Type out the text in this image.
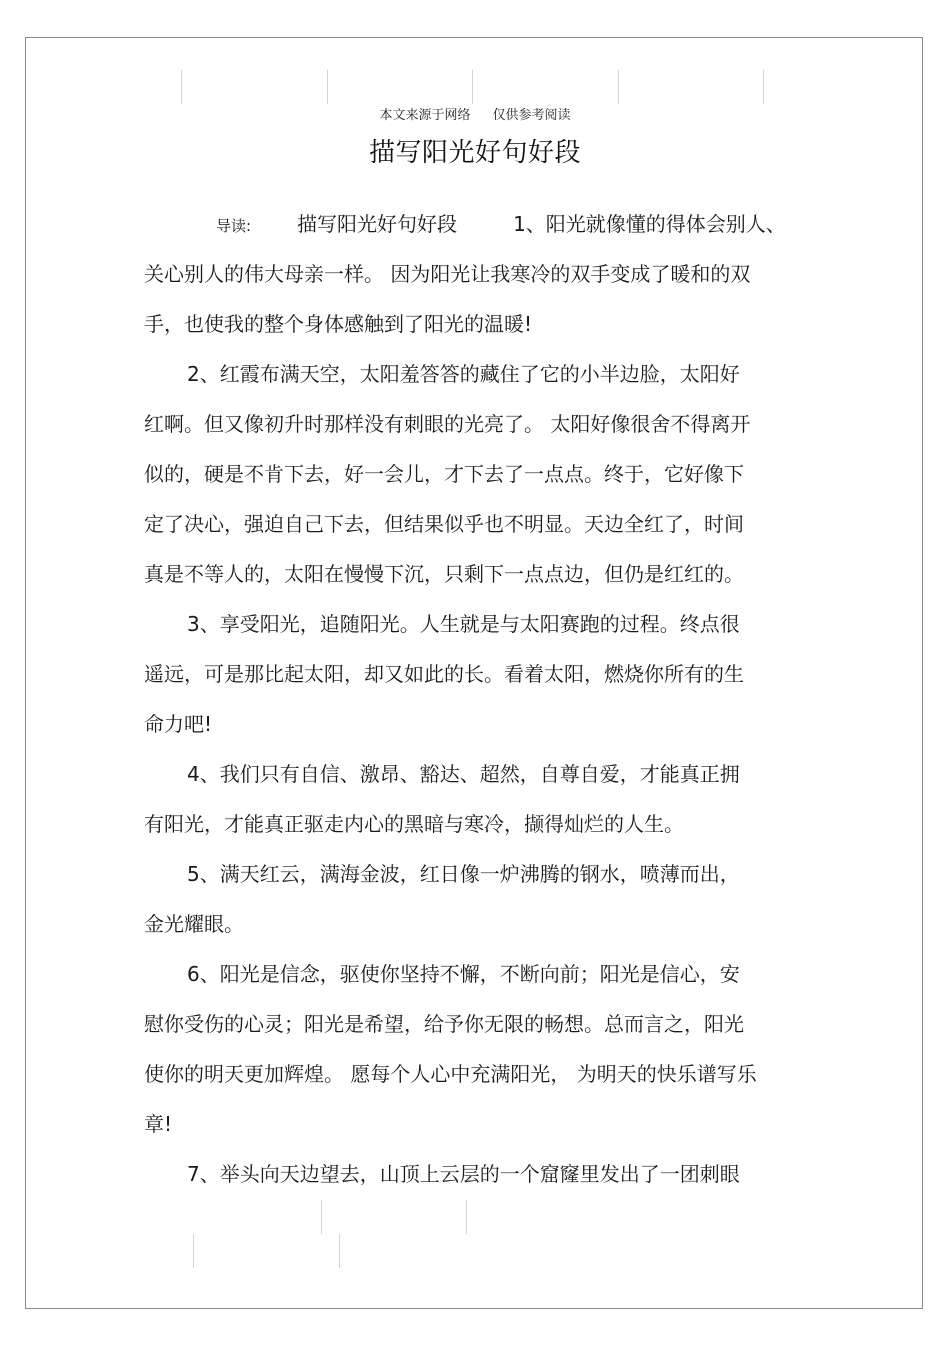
本文来源于网络 仅供参考阅读
描写阳光好句好段
导读: 描写阳光好句好段	1、阳光就像懂的得体会别人、
关心别人的伟大母亲一样。 因为阳光让我寒冷的双手变成了暖和的双
手，也使我的整个身体感触到了阳光的温暖!
2、红霞布满天空，太阳羞答答的藏住了它的小半边脸，太阳好
红啊。但又像初升时那样没有刺眼的光亮了。 太阳好像很舍不得离开
似的，硬是不肯下去，好一会儿，才下去了一点点。终于，它好像下
定了决心，强迫自己下去，但结果似乎也不明显。天边全红了，时间
真是不等人的，太阳在慢慢下沉，只剩下一点点边，但仍是红红的。
3、享受阳光，追随阳光。人生就是与太阳赛跑的过程。终点很
遥远，可是那比起太阳，却又如此的长。看着太阳，燃烧你所有的生
命力吧!
4、我们只有自信、激昂、豁达、超然，自尊自爱，才能真正拥
有阳光，才能真正驱走内心的黑暗与寒冷，撷得灿烂的人生。
5、满天红云，满海金波，红日像一炉沸腾的钢水，喷薄而出，
金光耀眼。
6、阳光是信念，驱使你坚持不懈，不断向前；阳光是信心，安
慰你受伤的心灵；阳光是希望，给予你无限的畅想。总而言之，阳光
使你的明天更加辉煌。 愿每个人心中充满阳光， 为明天的快乐谱写乐
章!
7、举头向天边望去，山顶上云层的一个窟窿里发出了一团刺眼
